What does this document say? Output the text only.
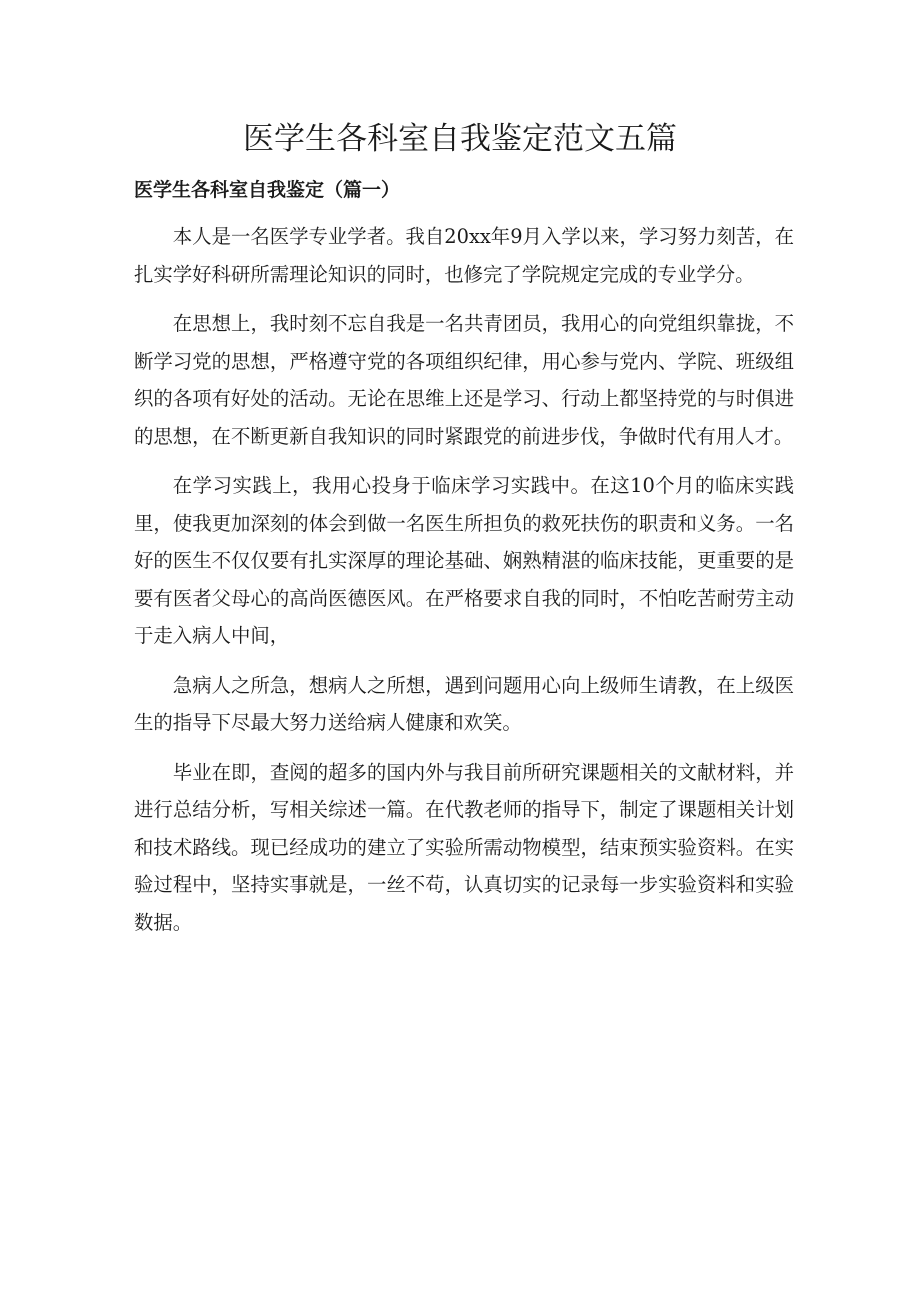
医学生各科室自我鉴定范文五篇
医学生各科室自我鉴定（篇一）

本人是一名医学专业学者。我自20xx年9月入学以来，学习努力刻苦，在扎实学好科研所需理论知识的同时，也修完了学院规定完成的专业学分。

在思想上，我时刻不忘自我是一名共青团员，我用心的向党组织靠拢，不断学习党的思想，严格遵守党的各项组织纪律，用心参与党内、学院、班级组织的各项有好处的活动。无论在思维上还是学习、行动上都坚持党的与时俱进的思想，在不断更新自我知识的同时紧跟党的前进步伐，争做时代有用人才。

在学习实践上，我用心投身于临床学习实践中。在这10个月的临床实践里，使我更加深刻的体会到做一名医生所担负的救死扶伤的职责和义务。一名好的医生不仅仅要有扎实深厚的理论基础、娴熟精湛的临床技能，更重要的是要有医者父母心的高尚医德医风。在严格要求自我的同时，不怕吃苦耐劳主动于走入病人中间，

急病人之所急，想病人之所想，遇到问题用心向上级师生请教，在上级医生的指导下尽最大努力送给病人健康和欢笑。

毕业在即，查阅的超多的国内外与我目前所研究课题相关的文献材料，并进行总结分析，写相关综述一篇。在代教老师的指导下，制定了课题相关计划和技术路线。现已经成功的建立了实验所需动物模型，结束预实验资料。在实验过程中，坚持实事就是，一丝不苟，认真切实的记录每一步实验资料和实验数据。
